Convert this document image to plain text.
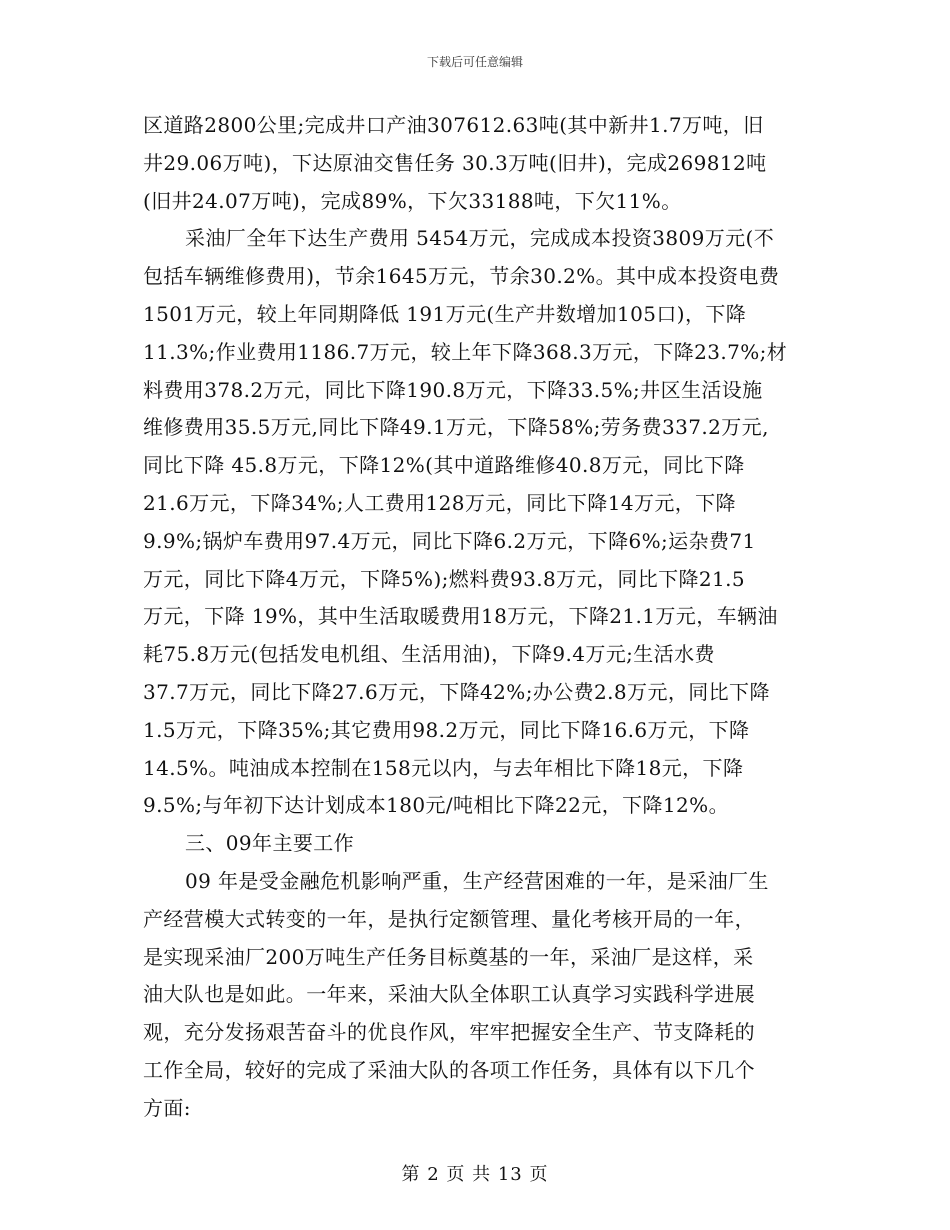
下载后可任意编辑
区道路2800公里;完成井口产油307612.63吨(其中新井1.7万吨，旧
井29.06万吨)，下达原油交售任务 30.3万吨(旧井)，完成269812吨
(旧井24.07万吨)，完成89%，下欠33188吨，下欠11%。
采油厂全年下达生产费用 5454万元，完成成本投资3809万元(不
包括车辆维修费用)，节余1645万元，节余30.2%。其中成本投资电费
1501万元，较上年同期降低 191万元(生产井数增加105口)，下降
11.3%;作业费用1186.7万元，较上年下降368.3万元，下降23.7%;材
料费用378.2万元，同比下降190.8万元，下降33.5%;井区生活设施
维修费用35.5万元,同比下降49.1万元，下降58%;劳务费337.2万元,
同比下降 45.8万元，下降12%(其中道路维修40.8万元，同比下降
21.6万元，下降34%;人工费用128万元，同比下降14万元，下降
9.9%;锅炉车费用97.4万元，同比下降6.2万元，下降6%;运杂费71
万元，同比下降4万元，下降5%);燃料费93.8万元，同比下降21.5
万元，下降 19%，其中生活取暖费用18万元，下降21.1万元，车辆油
耗75.8万元(包括发电机组、生活用油)，下降9.4万元;生活水费
37.7万元，同比下降27.6万元，下降42%;办公费2.8万元，同比下降
1.5万元，下降35%;其它费用98.2万元，同比下降16.6万元，下降
14.5%。吨油成本控制在158元以内，与去年相比下降18元，下降
9.5%;与年初下达计划成本180元/吨相比下降22元，下降12%。
三、09年主要工作
09 年是受金融危机影响严重，生产经营困难的一年，是采油厂生
产经营模大式转变的一年，是执行定额管理、量化考核开局的一年，
是实现采油厂200万吨生产任务目标奠基的一年，采油厂是这样，采
油大队也是如此。一年来，采油大队全体职工认真学习实践科学进展
观，充分发扬艰苦奋斗的优良作风，牢牢把握安全生产、节支降耗的
工作全局，较好的完成了采油大队的各项工作任务，具体有以下几个
方面:
第 2 页 共 13 页
